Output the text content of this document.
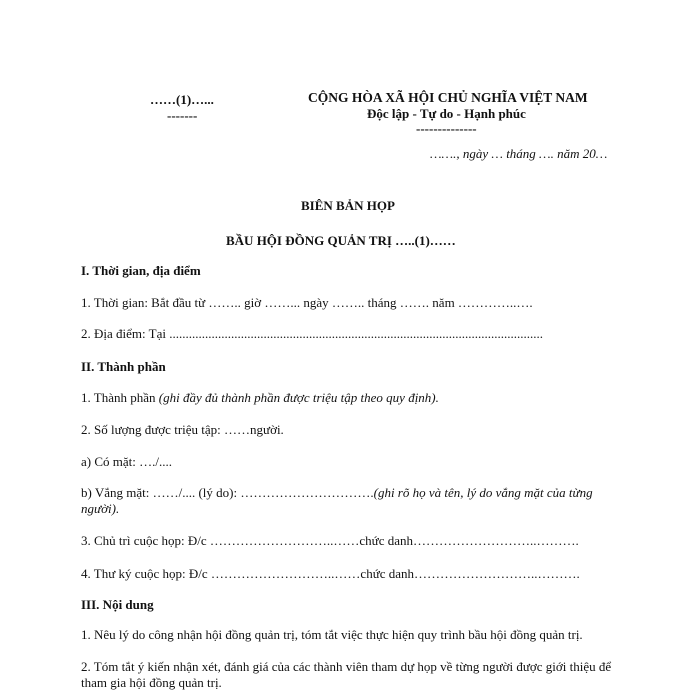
……(1)…...
-------
CỘNG HÒA XÃ HỘI CHỦ NGHĨA VIỆT NAM
Độc lập - Tự do - Hạnh phúc
--------------
……., ngày … tháng …. năm 20…
BIÊN BẢN HỌP
BẦU HỘI ĐỒNG QUẢN TRỊ …..(1)……
I. Thời gian, địa điểm
1. Thời gian: Bắt đầu từ …….. giờ ……... ngày …….. tháng ……. năm …………..….
2. Địa điểm: Tại ...................................................................................................................
II. Thành phần
1. Thành phần (ghi đầy đủ thành phần được triệu tập theo quy định).
2. Số lượng được triệu tập: ……người.
a) Có mặt: …./....
b) Vắng mặt: ……/.... (lý do): ………………………….(ghi rõ họ và tên, lý do vắng mặt của từng người).
3. Chủ trì cuộc họp: Đ/c ………………………..……chức danh………………………..……….
4. Thư ký cuộc họp: Đ/c ………………………..……chức danh………………………..……….
III. Nội dung
1. Nêu lý do công nhận hội đồng quản trị, tóm tắt việc thực hiện quy trình bầu hội đồng quản trị.
2. Tóm tắt ý kiến nhận xét, đánh giá của các thành viên tham dự họp về từng người được giới thiệu để tham gia hội đồng quản trị.
